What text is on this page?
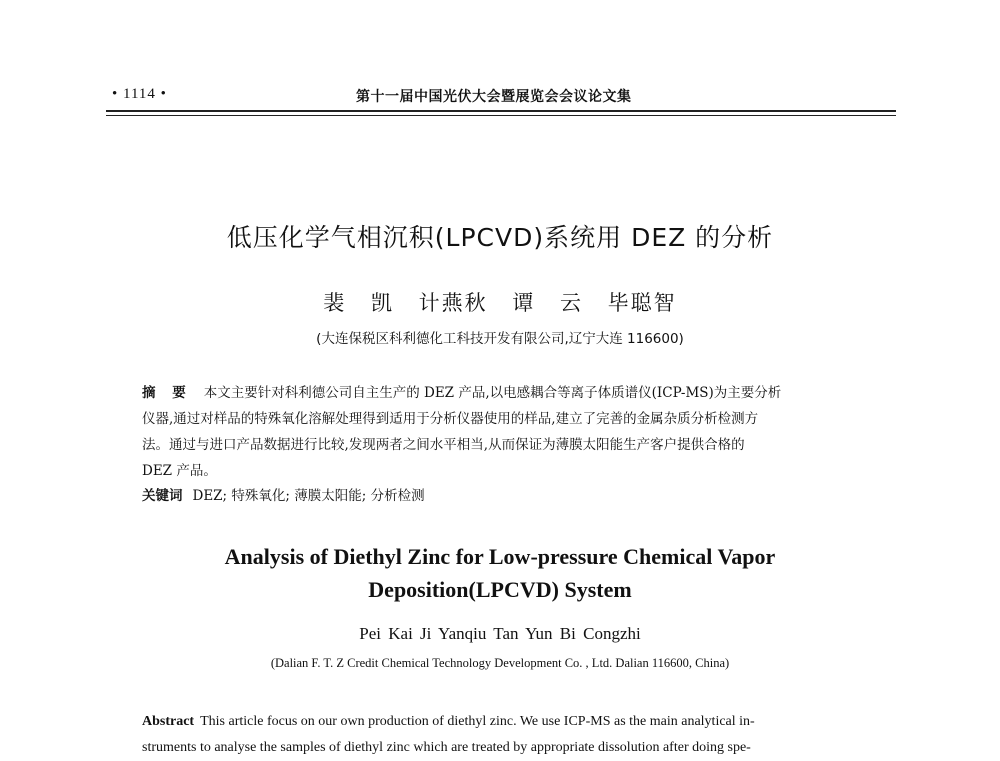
• 1114 •	第十一届中国光伏大会暨展览会会议论文集
低压化学气相沉积(LPCVD)系统用 DEZ 的分析
裴 凯 计燕秋 谭 云 毕聪智
(大连保税区科利德化工科技开发有限公司,辽宁大连 116600)
摘 要 本文主要针对科利德公司自主生产的 DEZ 产品,以电感耦合等离子体质谱仪(ICP-MS)为主要分析
仪器,通过对样品的特殊氧化溶解处理得到适用于分析仪器使用的样品,建立了完善的金属杂质分析检测方
法。通过与进口产品数据进行比较,发现两者之间水平相当,从而保证为薄膜太阳能生产客户提供合格的
DEZ 产品。
关键词 DEZ; 特殊氧化; 薄膜太阳能; 分析检测
Analysis of Diethyl Zinc for Low-pressure Chemical Vapor
Deposition(LPCVD) System
Pei Kai Ji Yanqiu Tan Yun Bi Congzhi
(Dalian F. T. Z Credit Chemical Technology Development Co. , Ltd. Dalian 116600, China)
Abstract This article focus on our own production of diethyl zinc. We use ICP-MS as the main analytical in-
struments to analyse the samples of diethyl zinc which are treated by appropriate dissolution after doing spe-
